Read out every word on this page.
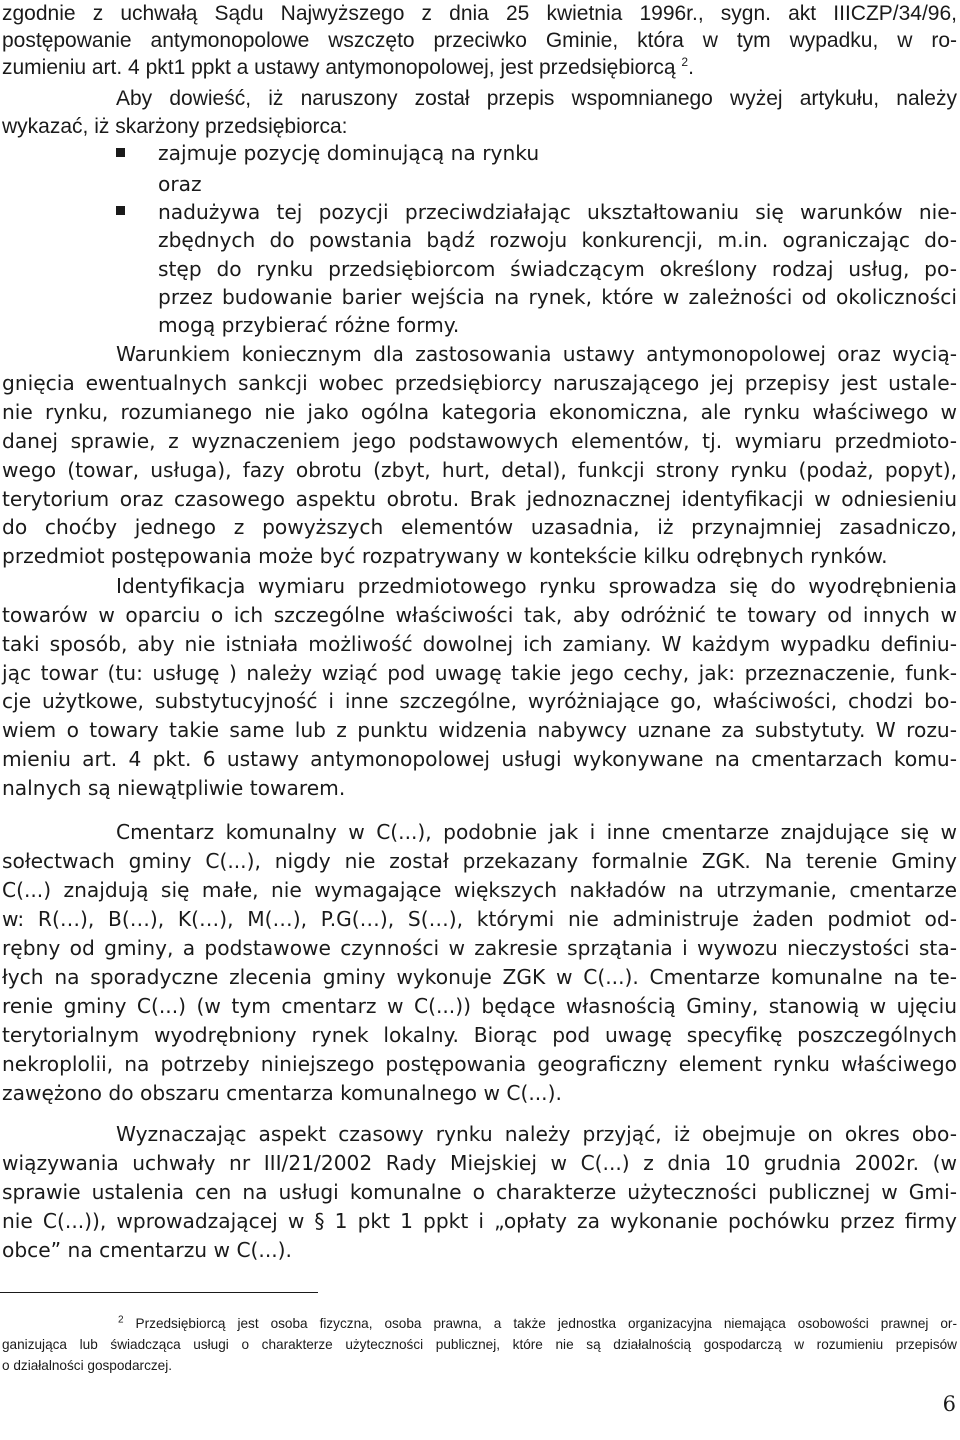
zgodnie z uchwałą Sądu Najwyższego z dnia 25 kwietnia 1996r., sygn. akt IIICZP/34/96,
postępowanie antymonopolowe wszczęto przeciwko Gminie, która w tym wypadku, w ro-
zumieniu art. 4 pkt1 ppkt a ustawy antymonopolowej, jest przedsiębiorcą $^2$.
Aby dowieść, iż naruszony został przepis wspomnianego wyżej artykułu, należy
wykazać, iż skarżony przedsiębiorca:
zajmuje pozycję dominującą na rynku
oraz
nadużywa tej pozycji przeciwdziałając ukształtowaniu się warunków nie-
zbędnych do powstania bądź rozwoju konkurencji, m.in. ograniczając do-
stęp do rynku przedsiębiorcom świadczącym określony rodzaj usług, po-
przez budowanie barier wejścia na rynek, które w zależności od okoliczności
mogą przybierać różne formy.
Warunkiem koniecznym dla zastosowania ustawy antymonopolowej oraz wycią-
gnięcia ewentualnych sankcji wobec przedsiębiorcy naruszającego jej przepisy jest ustale-
nie rynku, rozumianego nie jako ogólna kategoria ekonomiczna, ale rynku właściwego w
danej sprawie, z wyznaczeniem jego podstawowych elementów, tj. wymiaru przedmioto-
wego (towar, usługa), fazy obrotu (zbyt, hurt, detal), funkcji strony rynku (podaż, popyt),
terytorium oraz czasowego aspektu obrotu. Brak jednoznacznej identyfikacji w odniesieniu
do choćby jednego z powyższych elementów uzasadnia, iż przynajmniej zasadniczo,
przedmiot postępowania może być rozpatrywany w kontekście kilku odrębnych rynków.
Identyfikacja wymiaru przedmiotowego rynku sprowadza się do wyodrębnienia
towarów w oparciu o ich szczególne właściwości tak, aby odróżnić te towary od innych w
taki sposób, aby nie istniała możliwość dowolnej ich zamiany. W każdym wypadku definiu-
jąc towar (tu: usługę ) należy wziąć pod uwagę takie jego cechy, jak: przeznaczenie, funk-
cje użytkowe, substytucyjność i inne szczególne, wyróżniające go, właściwości, chodzi bo-
wiem o towary takie same lub z punktu widzenia nabywcy uznane za substytuty. W rozu-
mieniu art. 4 pkt. 6 ustawy antymonopolowej usługi wykonywane na cmentarzach komu-
nalnych są niewątpliwie towarem.
Cmentarz komunalny w C(...), podobnie jak i inne cmentarze znajdujące się w
sołectwach gminy C(...), nigdy nie został przekazany formalnie ZGK. Na terenie Gminy
C(...) znajdują się małe, nie wymagające większych nakładów na utrzymanie, cmentarze
w: R(…), B(…), K(…), M(…), P.G(…), S(…), którymi nie administruje żaden podmiot od-
rębny od gminy, a podstawowe czynności w zakresie sprzątania i wywozu nieczystości sta-
łych na sporadyczne zlecenia gminy wykonuje ZGK w C(...). Cmentarze komunalne na te-
renie gminy C(...) (w tym cmentarz w C(...)) będące własnością Gminy, stanowią w ujęciu
terytorialnym wyodrębniony rynek lokalny. Biorąc pod uwagę specyfikę poszczególnych
nekroplolii, na potrzeby niniejszego postępowania geograficzny element rynku właściwego
zawężono do obszaru cmentarza komunalnego w C(...).
Wyznaczając aspekt czasowy rynku należy przyjąć, iż obejmuje on okres obo-
wiązywania uchwały nr III/21/2002 Rady Miejskiej w C(...) z dnia 10 grudnia 2002r. (w
sprawie ustalenia cen na usługi komunalne o charakterze użyteczności publicznej w Gmi-
nie C(...)), wprowadzającej w § 1 pkt 1 ppkt i „opłaty za wykonanie pochówku przez firmy
obce” na cmentarzu w C(...).
$^2$ Przedsiębiorcą jest osoba fizyczna, osoba prawna, a także jednostka organizacyjna niemająca osobowości prawnej or-
ganizująca lub świadcząca usługi o charakterze użyteczności publicznej, które nie są działalnością gospodarczą w rozumieniu przepisów
o działalności gospodarczej.
6
